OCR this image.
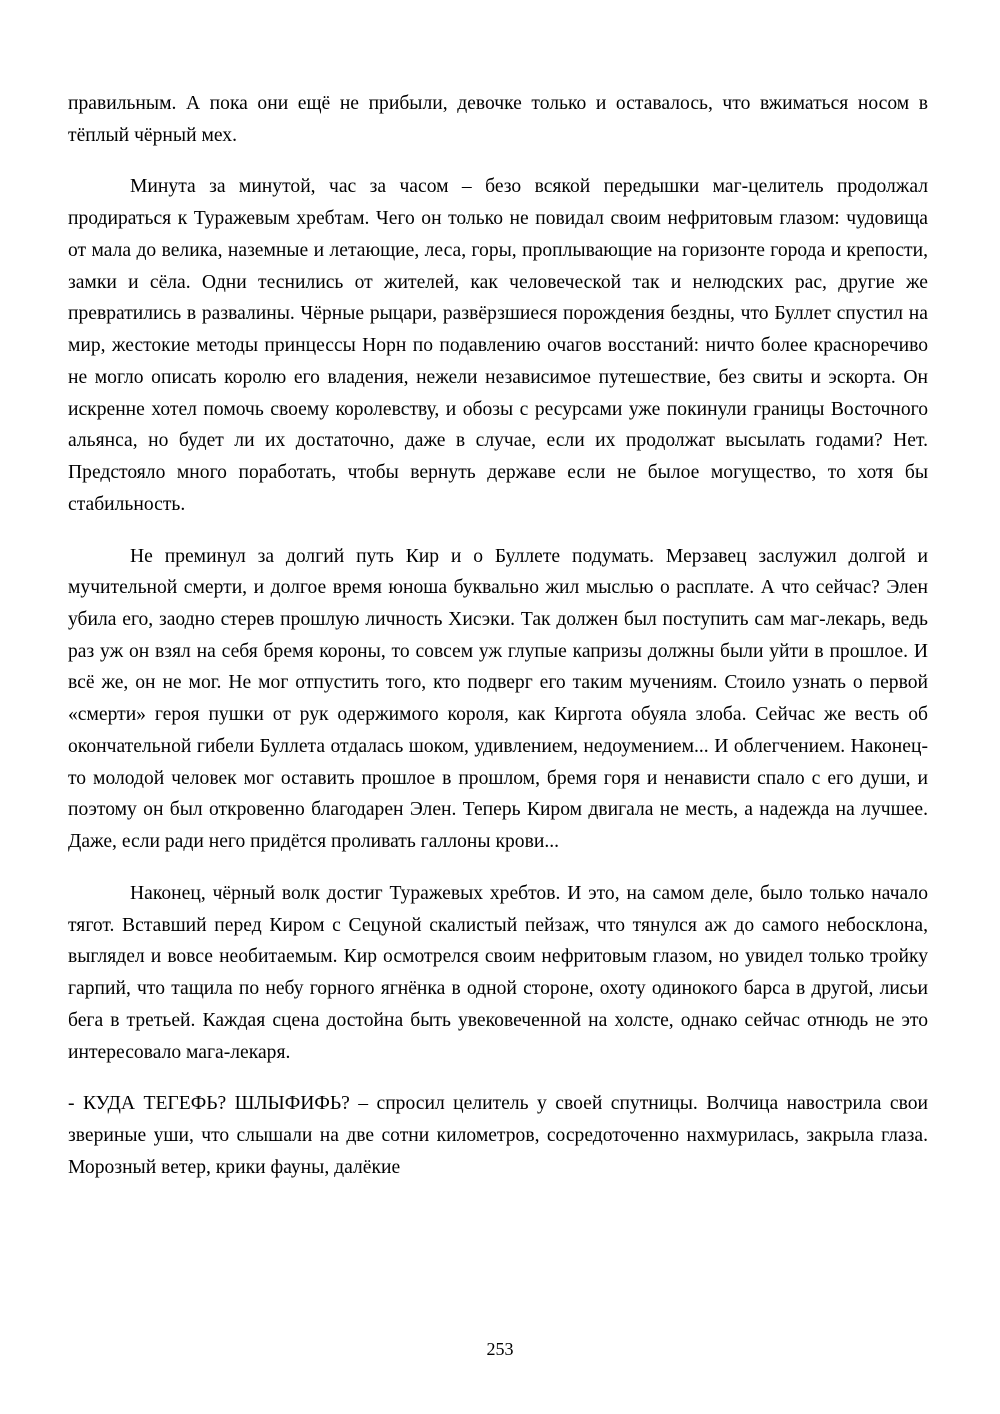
правильным. А пока они ещё не прибыли, девочке только и оставалось, что вжиматься носом в тёплый чёрный мех.

Минута за минутой, час за часом – безо всякой передышки маг-целитель продолжал продираться к Туражевым хребтам. Чего он только не повидал своим нефритовым глазом: чудовища от мала до велика, наземные и летающие, леса, горы, проплывающие на горизонте города и крепости, замки и сёла. Одни теснились от жителей, как человеческой так и нелюдских рас, другие же превратились в развалины. Чёрные рыцари, развёрзшиеся порождения бездны, что Буллет спустил на мир, жестокие методы принцессы Норн по подавлению очагов восстаний: ничто более красноречиво не могло описать королю его владения, нежели независимое путешествие, без свиты и эскорта. Он искренне хотел помочь своему королевству, и обозы с ресурсами уже покинули границы Восточного альянса, но будет ли их достаточно, даже в случае, если их продолжат высылать годами? Нет. Предстояло много поработать, чтобы вернуть державе если не былое могущество, то хотя бы стабильность.

Не преминул за долгий путь Кир и о Буллете подумать. Мерзавец заслужил долгой и мучительной смерти, и долгое время юноша буквально жил мыслью о расплате. А что сейчас? Элен убила его, заодно стерев прошлую личность Хисэки. Так должен был поступить сам маг-лекарь, ведь раз уж он взял на себя бремя короны, то совсем уж глупые капризы должны были уйти в прошлое. И всё же, он не мог. Не мог отпустить того, кто подверг его таким мучениям. Стоило узнать о первой «смерти» героя пушки от рук одержимого короля, как Киргота обуяла злоба. Сейчас же весть об окончательной гибели Буллета отдалась шоком, удивлением, недоумением... И облегчением. Наконец-то молодой человек мог оставить прошлое в прошлом, бремя горя и ненависти спало с его души, и поэтому он был откровенно благодарен Элен. Теперь Киром двигала не месть, а надежда на лучшее. Даже, если ради него придётся проливать галлоны крови...

Наконец, чёрный волк достиг Туражевых хребтов. И это, на самом деле, было только начало тягот. Вставший перед Киром с Сецуной скалистый пейзаж, что тянулся аж до самого небосклона, выглядел и вовсе необитаемым. Кир осмотрелся своим нефритовым глазом, но увидел только тройку гарпий, что тащила по небу горного ягнёнка в одной стороне, охоту одинокого барса в другой, лисьи бега в третьей. Каждая сцена достойна быть увековеченной на холсте, однако сейчас отнюдь не это интересовало мага-лекаря.

- КУДА ТЕГЕФЬ? ШЛЫФИФЬ? – спросил целитель у своей спутницы. Волчица навострила свои звериные уши, что слышали на две сотни километров, сосредоточенно нахмурилась, закрыла глаза. Морозный ветер, крики фауны, далёкие

253
